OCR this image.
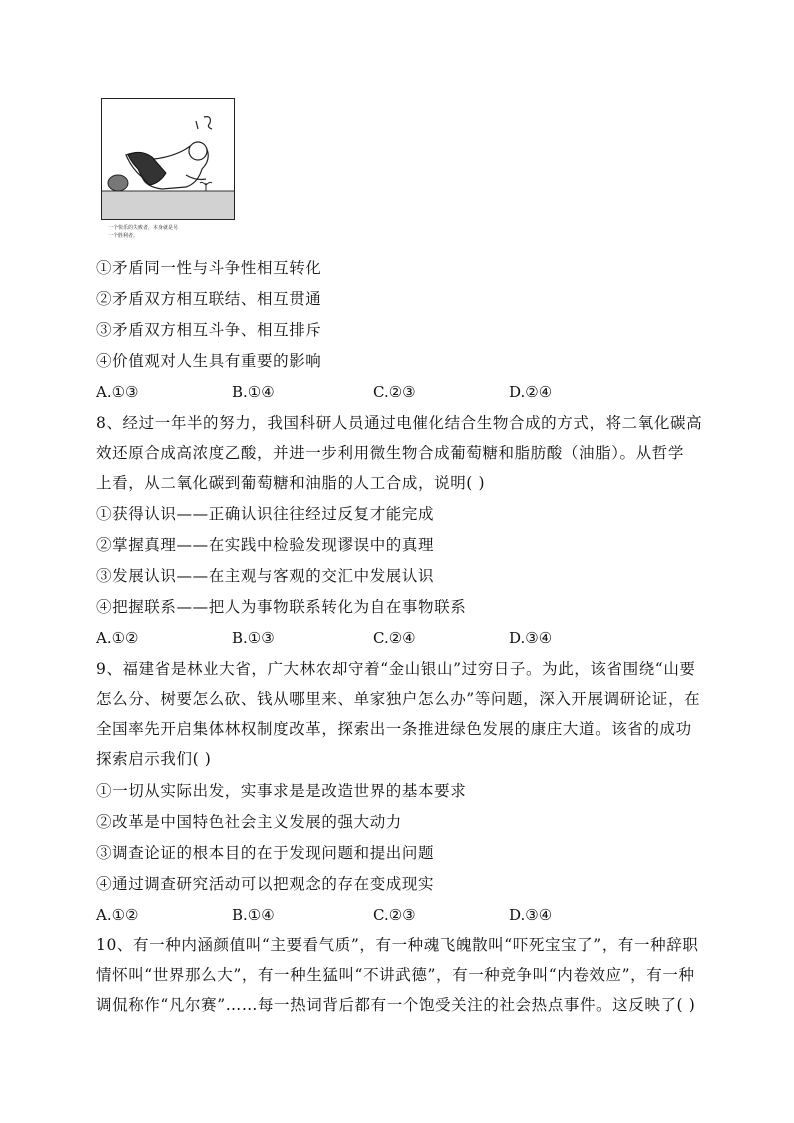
一个快乐的失败者，本身就是另
一个胜利者。
①矛盾同一性与斗争性相互转化
②矛盾双方相互联结、相互贯通
③矛盾双方相互斗争、相互排斥
④价值观对人生具有重要的影响
A.①③	B.①④	C.②③	D.②④
8、经过一年半的努力，我国科研人员通过电催化结合生物合成的方式，将二氧化碳高
效还原合成高浓度乙酸，并进一步利用微生物合成葡萄糖和脂肪酸（油脂）。从哲学
上看，从二氧化碳到葡萄糖和油脂的人工合成，说明( )
①获得认识——正确认识往往经过反复才能完成
②掌握真理——在实践中检验发现谬误中的真理
③发展认识——在主观与客观的交汇中发展认识
④把握联系——把人为事物联系转化为自在事物联系
A.①②	B.①③	C.②④	D.③④
9、福建省是林业大省，广大林农却守着“金山银山”过穷日子。为此，该省围绕“山要
怎么分、树要怎么砍、钱从哪里来、单家独户怎么办”等问题，深入开展调研论证，在
全国率先开启集体林权制度改革，探索出一条推进绿色发展的康庄大道。该省的成功
探索启示我们( )
①一切从实际出发，实事求是是改造世界的基本要求
②改革是中国特色社会主义发展的强大动力
③调查论证的根本目的在于发现问题和提出问题
④通过调查研究活动可以把观念的存在变成现实
A.①②	B.①④	C.②③	D.③④
10、有一种内涵颜值叫“主要看气质”，有一种魂飞魄散叫“吓死宝宝了”，有一种辞职
情怀叫“世界那么大”，有一种生猛叫“不讲武德”，有一种竞争叫“内卷效应”，有一种
调侃称作“凡尔赛”……每一热词背后都有一个饱受关注的社会热点事件。这反映了( )
